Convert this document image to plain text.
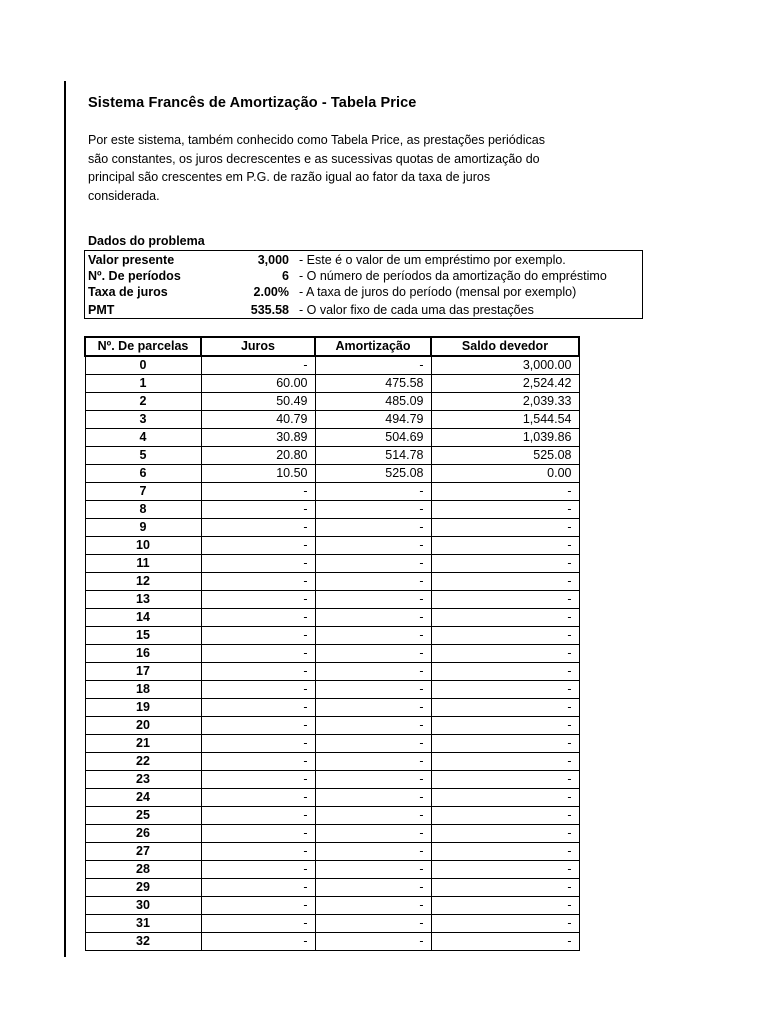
Sistema Francês de Amortização - Tabela Price
Por este sistema, também conhecido como Tabela Price, as prestações periódicas
são constantes, os juros decrescentes e as sucessivas quotas de amortização do
principal são crescentes em P.G. de razão igual ao fator da taxa de juros
considerada.
Dados do problema
Valor presente	3,000 - Este é o valor de um empréstimo por exemplo.
Nº. De períodos	6 - O número de períodos da amortização do empréstimo
Taxa de juros	2.00% - A taxa de juros do período (mensal por exemplo)
PMT	535.58 - O valor fixo de cada uma das prestações
Nº. De parcelas	Juros	Amortização	Saldo devedor
0	-	-	3,000.00
1	60.00	475.58	2,524.42
2	50.49	485.09	2,039.33
3	40.79	494.79	1,544.54
4	30.89	504.69	1,039.86
5	20.80	514.78	525.08
6	10.50	525.08	0.00
7	-	-	-
8	-	-	-
9	-	-	-
10	-	-	-
11	-	-	-
12	-	-	-
13	-	-	-
14	-	-	-
15	-	-	-
16	-	-	-
17	-	-	-
18	-	-	-
19	-	-	-
20	-	-	-
21	-	-	-
22	-	-	-
23	-	-	-
24	-	-	-
25	-	-	-
26	-	-	-
27	-	-	-
28	-	-	-
29	-	-	-
30	-	-	-
31	-	-	-
32	-	-	-
